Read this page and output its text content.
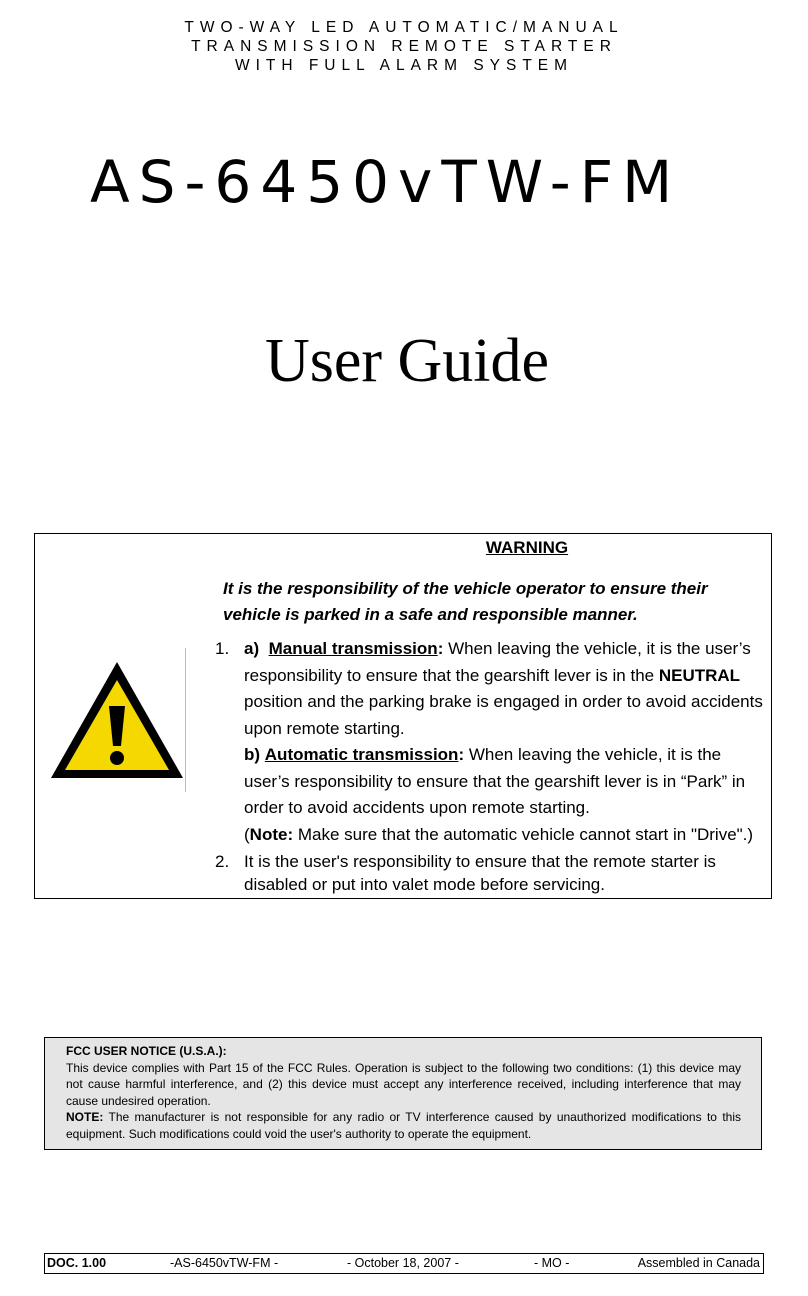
TWO-WAY LED AUTOMATIC/MANUAL
TRANSMISSION REMOTE STARTER
WITH FULL ALARM SYSTEM
AS-6450vTW-FM
User Guide
WARNING
It is the responsibility of the vehicle operator to ensure their vehicle is parked in a safe and responsible manner.
1. a) Manual transmission: When leaving the vehicle, it is the user’s responsibility to ensure that the gearshift lever is in the NEUTRAL position and the parking brake is engaged in order to avoid accidents upon remote starting.
b) Automatic transmission: When leaving the vehicle, it is the user’s responsibility to ensure that the gearshift lever is in “Park” in order to avoid accidents upon remote starting.
(Note: Make sure that the automatic vehicle cannot start in "Drive".)
2. It is the user's responsibility to ensure that the remote starter is disabled or put into valet mode before servicing.

FCC USER NOTICE (U.S.A.):

This device complies with Part 15 of the FCC Rules. Operation is subject to the following two conditions: (1) this device may not cause harmful interference, and (2) this device must accept any interference received, including interference that may cause undesired operation.

NOTE: The manufacturer is not responsible for any radio or TV interference caused by unauthorized modifications to this equipment. Such modifications could void the user's authority to operate the equipment.

DOC. 1.00	-AS-6450vTW-FM -	- October 18, 2007 -	- MO -	Assembled in Canada
